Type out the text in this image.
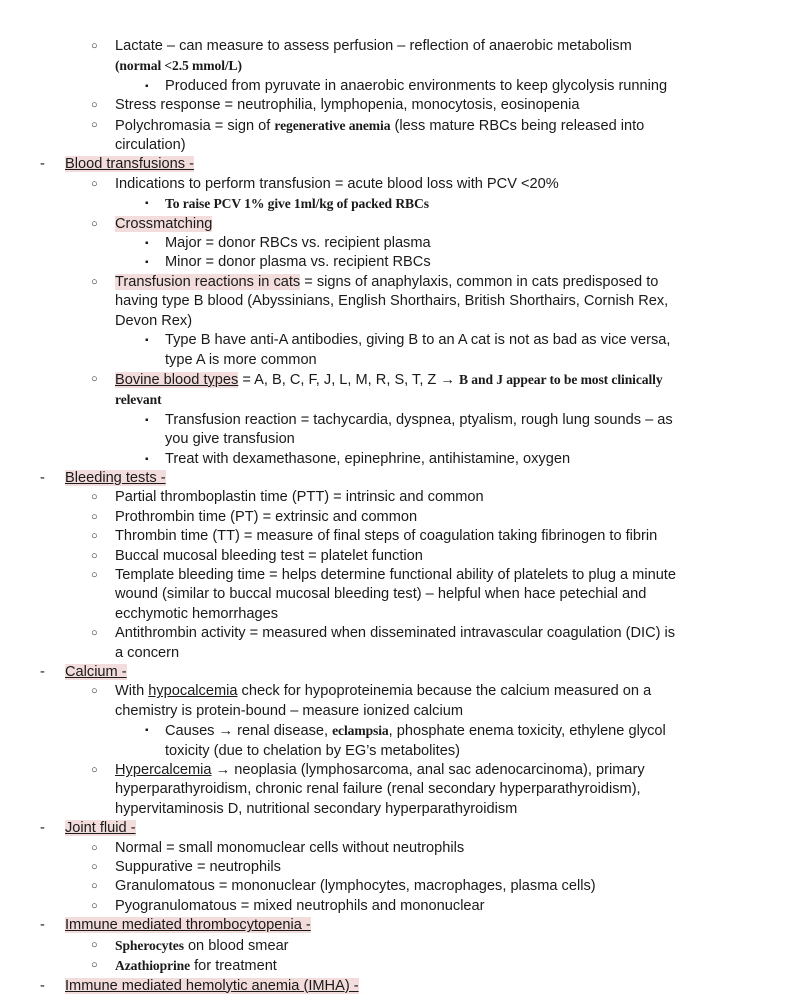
○ Lactate – can measure to assess perfusion – reflection of anaerobic metabolism
(normal <2.5 mmol/L)
▪ Produced from pyruvate in anaerobic environments to keep glycolysis running
○ Stress response = neutrophilia, lymphopenia, monocytosis, eosinopenia
○ Polychromasia = sign of regenerative anemia (less mature RBCs being released into
circulation)
- Blood transfusions -
○ Indications to perform transfusion = acute blood loss with PCV <20%
▪ To raise PCV 1% give 1ml/kg of packed RBCs
○ Crossmatching
▪ Major = donor RBCs vs. recipient plasma
▪ Minor = donor plasma vs. recipient RBCs
○ Transfusion reactions in cats = signs of anaphylaxis, common in cats predisposed to
having type B blood (Abyssinians, English Shorthairs, British Shorthairs, Cornish Rex,
Devon Rex)
▪ Type B have anti-A antibodies, giving B to an A cat is not as bad as vice versa,
type A is more common
○ Bovine blood types = A, B, C, F, J, L, M, R, S, T, Z → B and J appear to be most clinically
relevant
▪ Transfusion reaction = tachycardia, dyspnea, ptyalism, rough lung sounds – as
you give transfusion
▪ Treat with dexamethasone, epinephrine, antihistamine, oxygen
- Bleeding tests -
○ Partial thromboplastin time (PTT) = intrinsic and common
○ Prothrombin time (PT) = extrinsic and common
○ Thrombin time (TT) = measure of final steps of coagulation taking fibrinogen to fibrin
○ Buccal mucosal bleeding test = platelet function
○ Template bleeding time = helps determine functional ability of platelets to plug a minute
wound (similar to buccal mucosal bleeding test) – helpful when hace petechial and
ecchymotic hemorrhages
○ Antithrombin activity = measured when disseminated intravascular coagulation (DIC) is
a concern
- Calcium -
○ With hypocalcemia check for hypoproteinemia because the calcium measured on a
chemistry is protein-bound – measure ionized calcium
▪ Causes → renal disease, eclampsia, phosphate enema toxicity, ethylene glycol
toxicity (due to chelation by EG’s metabolites)
○ Hypercalcemia → neoplasia (lymphosarcoma, anal sac adenocarcinoma), primary
hyperparathyroidism, chronic renal failure (renal secondary hyperparathyroidism),
hypervitaminosis D, nutritional secondary hyperparathyroidism
- Joint fluid -
○ Normal = small monomuclear cells without neutrophils
○ Suppurative = neutrophils
○ Granulomatous = mononuclear (lymphocytes, macrophages, plasma cells)
○ Pyogranulomatous = mixed neutrophils and mononuclear
- Immune mediated thrombocytopenia -
○ Spherocytes on blood smear
○ Azathioprine for treatment
- Immune mediated hemolytic anemia (IMHA) -
